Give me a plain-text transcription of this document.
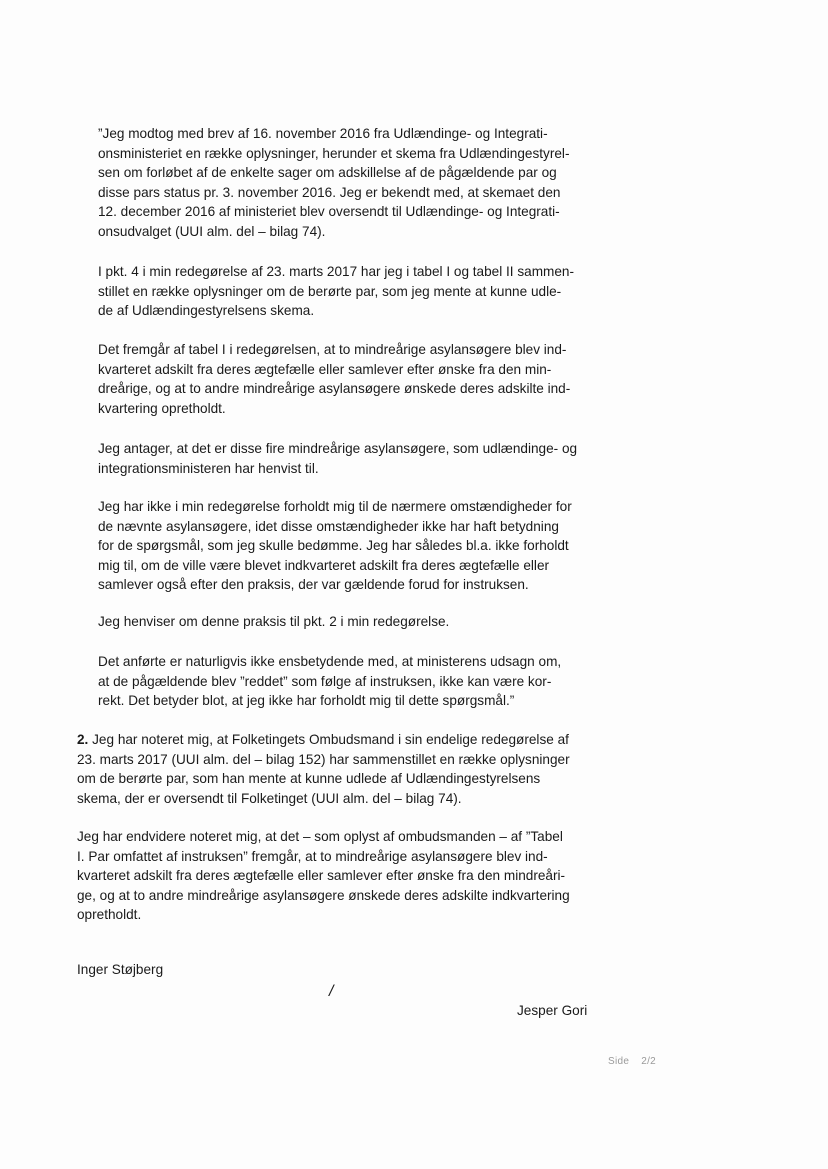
”Jeg modtog med brev af 16. november 2016 fra Udlændinge- og Integrati-
onsministeriet en række oplysninger, herunder et skema fra Udlændingestyrel-
sen om forløbet af de enkelte sager om adskillelse af de pågældende par og
disse pars status pr. 3. november 2016. Jeg er bekendt med, at skemaet den
12. december 2016 af ministeriet blev oversendt til Udlændinge- og Integrati-
onsudvalget (UUI alm. del – bilag 74).

I pkt. 4 i min redegørelse af 23. marts 2017 har jeg i tabel I og tabel II sammen-
stillet en række oplysninger om de berørte par, som jeg mente at kunne udle-
de af Udlændingestyrelsens skema.

Det fremgår af tabel I i redegørelsen, at to mindreårige asylansøgere blev ind-
kvarteret adskilt fra deres ægtefælle eller samlever efter ønske fra den min-
dreårige, og at to andre mindreårige asylansøgere ønskede deres adskilte ind-
kvartering opretholdt.

Jeg antager, at det er disse fire mindreårige asylansøgere, som udlændinge- og
integrationsministeren har henvist til.

Jeg har ikke i min redegørelse forholdt mig til de nærmere omstændigheder for
de nævnte asylansøgere, idet disse omstændigheder ikke har haft betydning
for de spørgsmål, som jeg skulle bedømme. Jeg har således bl.a. ikke forholdt
mig til, om de ville være blevet indkvarteret adskilt fra deres ægtefælle eller
samlever også efter den praksis, der var gældende forud for instruksen.

Jeg henviser om denne praksis til pkt. 2 i min redegørelse.

Det anførte er naturligvis ikke ensbetydende med, at ministerens udsagn om,
at de pågældende blev ”reddet” som følge af instruksen, ikke kan være kor-
rekt. Det betyder blot, at jeg ikke har forholdt mig til dette spørgsmål.”

2. Jeg har noteret mig, at Folketingets Ombudsmand i sin endelige redegørelse af
23. marts 2017 (UUI alm. del – bilag 152) har sammenstillet en række oplysninger
om de berørte par, som han mente at kunne udlede af Udlændingestyrelsens
skema, der er oversendt til Folketinget (UUI alm. del – bilag 74).

Jeg har endvidere noteret mig, at det – som oplyst af ombudsmanden – af ”Tabel
I. Par omfattet af instruksen” fremgår, at to mindreårige asylansøgere blev ind-
kvarteret adskilt fra deres ægtefælle eller samlever efter ønske fra den mindreåri-
ge, og at to andre mindreårige asylansøgere ønskede deres adskilte indkvartering
opretholdt.

Inger Støjberg
/
Jesper Gori
Side 2/2
